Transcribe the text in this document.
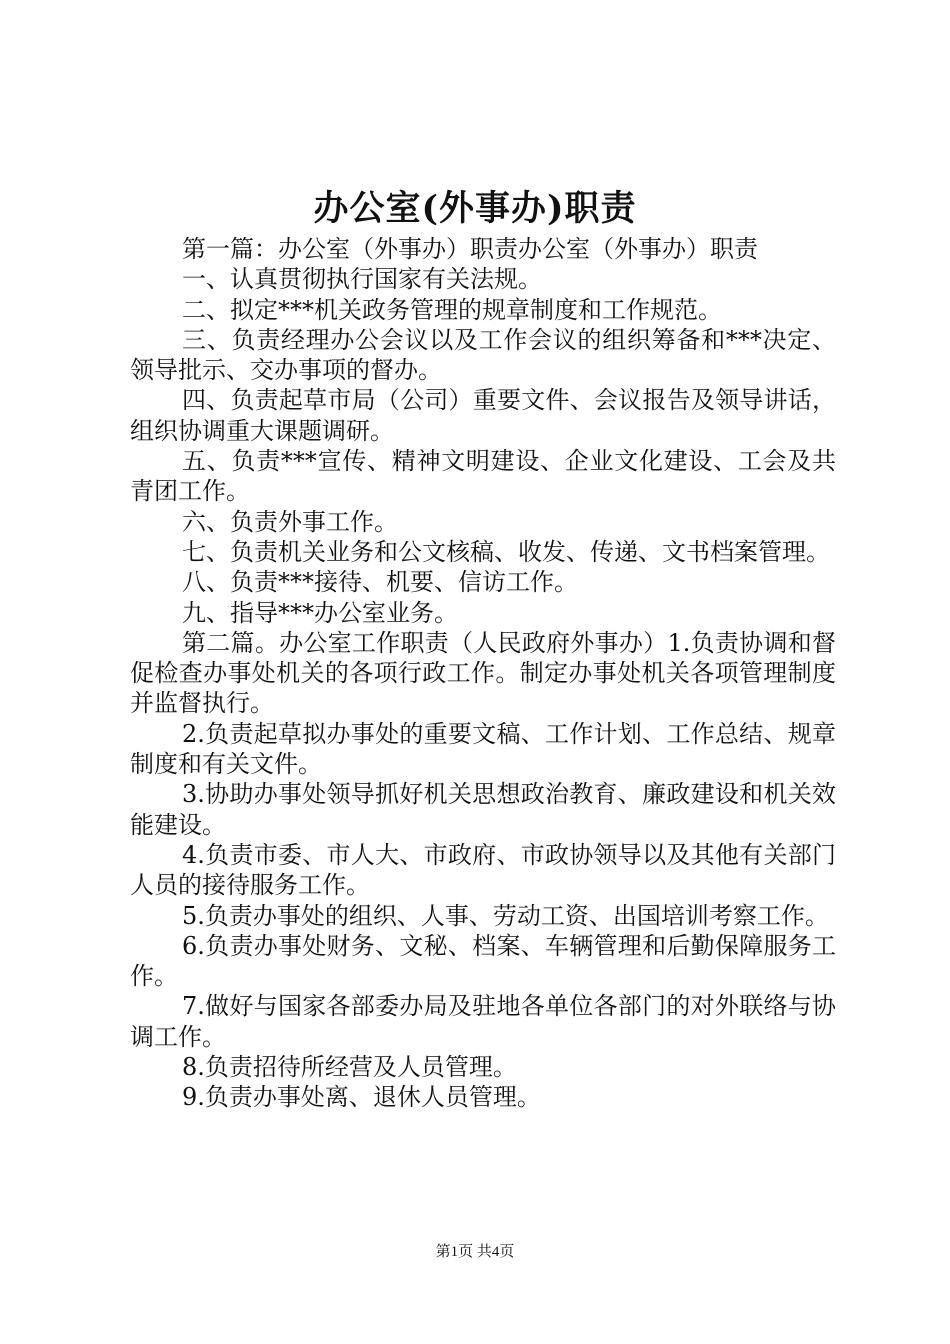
办公室(外事办)职责

第一篇：办公室（外事办）职责办公室（外事办）职责

一、认真贯彻执行国家有关法规。

二、拟定***机关政务管理的规章制度和工作规范。

三、负责经理办公会议以及工作会议的组织筹备和***决定、领导批示、交办事项的督办。

四、负责起草市局（公司）重要文件、会议报告及领导讲话，组织协调重大课题调研。

五、负责***宣传、精神文明建设、企业文化建设、工会及共青团工作。

六、负责外事工作。

七、负责机关业务和公文核稿、收发、传递、文书档案管理。

八、负责***接待、机要、信访工作。

九、指导***办公室业务。

第二篇。办公室工作职责（人民政府外事办）1.负责协调和督促检查办事处机关的各项行政工作。制定办事处机关各项管理制度并监督执行。

2.负责起草拟办事处的重要文稿、工作计划、工作总结、规章制度和有关文件。

3.协助办事处领导抓好机关思想政治教育、廉政建设和机关效能建设。

4.负责市委、市人大、市政府、市政协领导以及其他有关部门人员的接待服务工作。

5.负责办事处的组织、人事、劳动工资、出国培训考察工作。

6.负责办事处财务、文秘、档案、车辆管理和后勤保障服务工作。

7.做好与国家各部委办局及驻地各单位各部门的对外联络与协调工作。

8.负责招待所经营及人员管理。

9.负责办事处离、退休人员管理。

第1页 共4页
